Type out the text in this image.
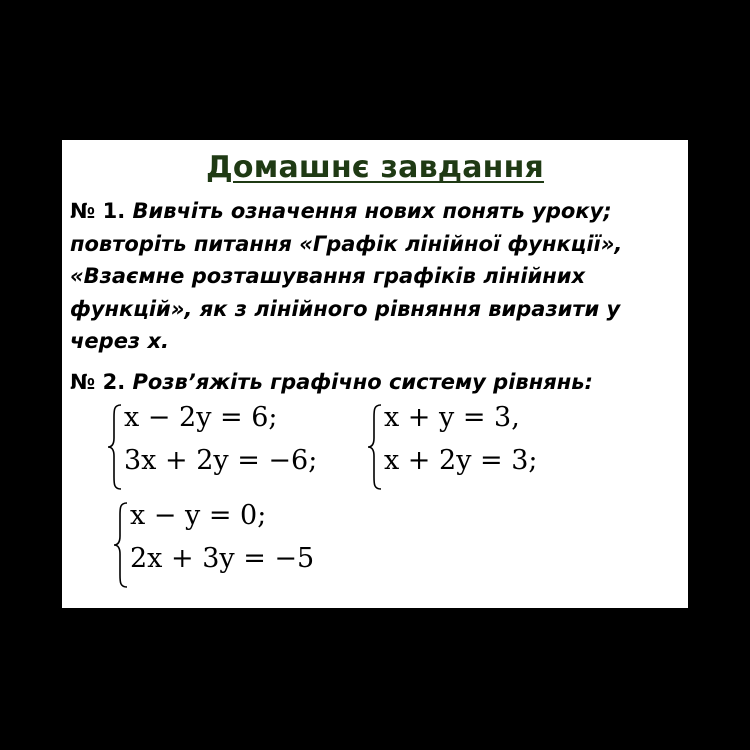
Домашнє завдання
№ 1. Вивчіть означення нових понять уроку; повторіть питання «Графік лінійної функції», «Взаємне розташування графіків лінійних функцій», як з лінійного рівняння виразити у через х.
№ 2. Розв’яжіть графічно систему рівнянь:
x − 2y = 6;
3x + 2y = −6;
x + y = 3,
x + 2y = 3;
x − y = 0;
2x + 3y = −5
